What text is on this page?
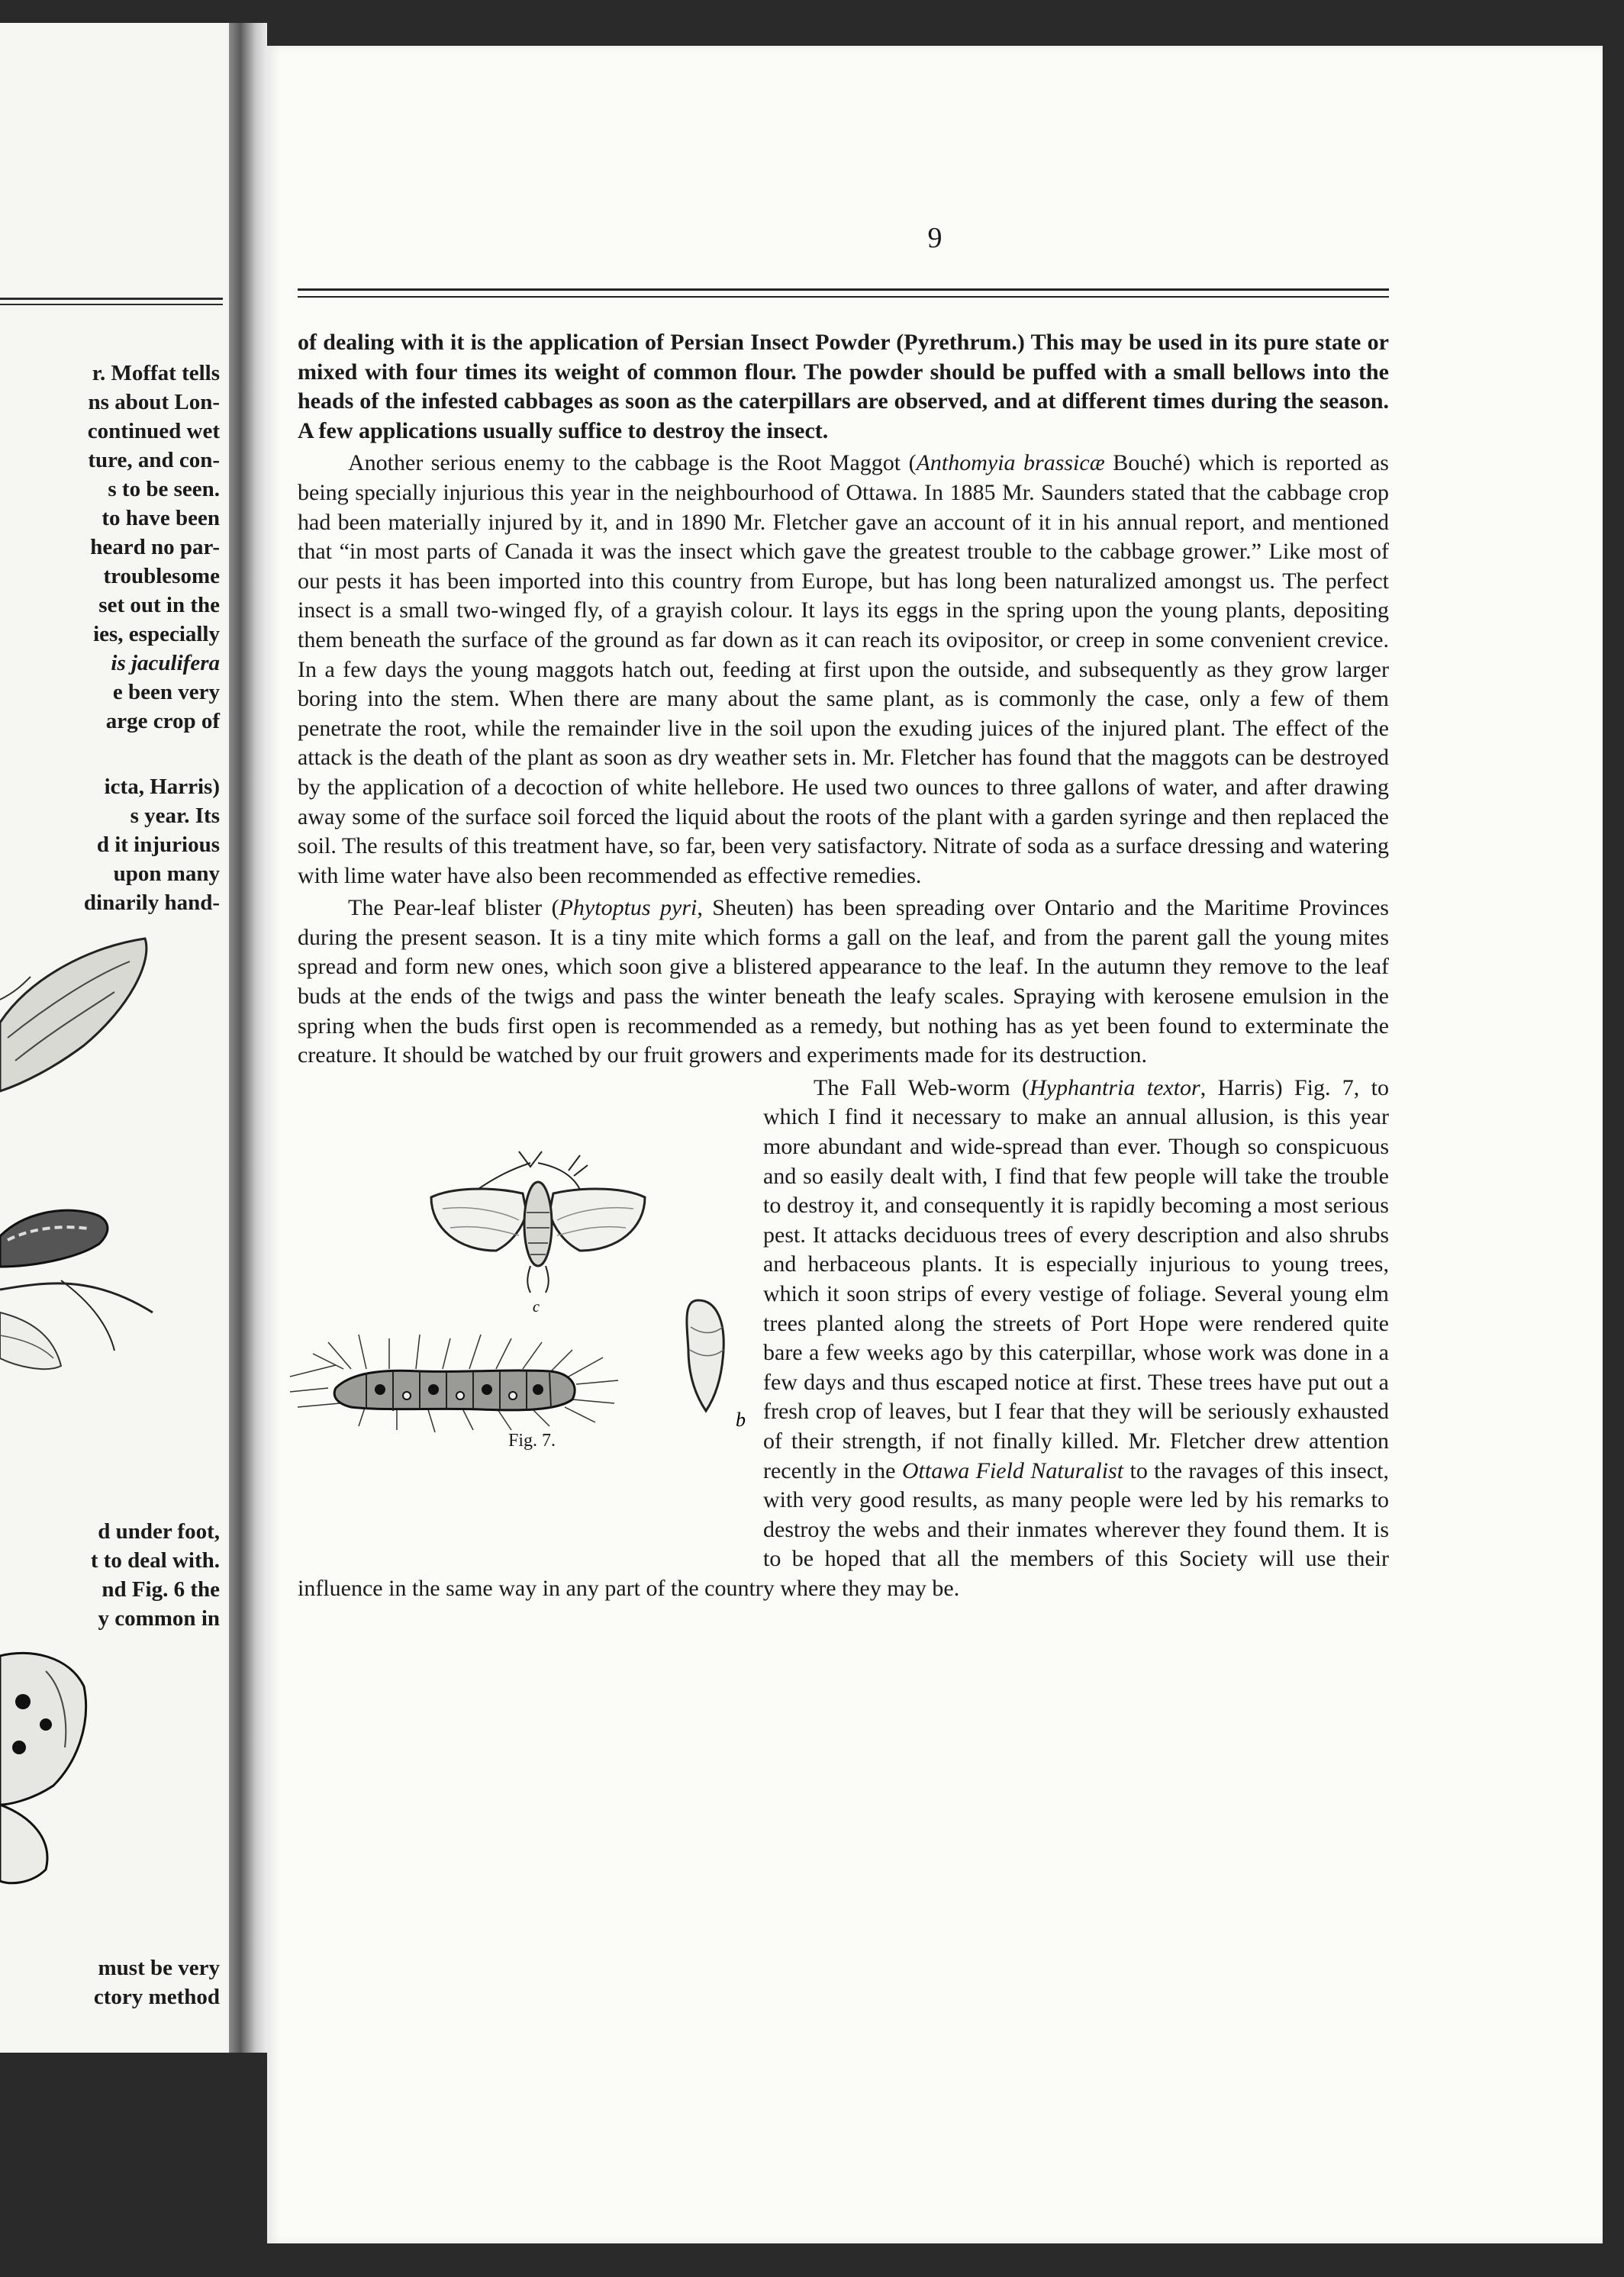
r. Moffat tells
ns about Lon-
continued wet
ture, and con-
s to be seen.
to have been
heard no par-
troublesome
set out in the
ies, especially
is jaculifera
e been very
arge crop of
icta, Harris)
s year. Its
d it injurious
upon many
dinarily hand-
d under foot,
t to deal with.
nd Fig. 6 the
y common in
must be very
ctory method
9

of dealing with it is the application of Persian Insect Powder (Pyrethrum.) This may be used in its pure state or mixed with four times its weight of common flour. The powder should be puffed with a small bellows into the heads of the infested cabbages as soon as the caterpillars are observed, and at different times during the season. A few applications usually suffice to destroy the insect.

Another serious enemy to the cabbage is the Root Maggot (Anthomyia brassicæ Bouché) which is reported as being specially injurious this year in the neighbourhood of Ottawa. In 1885 Mr. Saunders stated that the cabbage crop had been materially injured by it, and in 1890 Mr. Fletcher gave an account of it in his annual report, and mentioned that “in most parts of Canada it was the insect which gave the greatest trouble to the cabbage grower.” Like most of our pests it has been imported into this country from Europe, but has long been naturalized amongst us. The perfect insect is a small two-winged fly, of a grayish colour. It lays its eggs in the spring upon the young plants, depositing them beneath the surface of the ground as far down as it can reach its ovipositor, or creep in some convenient crevice. In a few days the young maggots hatch out, feeding at first upon the outside, and subsequently as they grow larger boring into the stem. When there are many about the same plant, as is commonly the case, only a few of them penetrate the root, while the remainder live in the soil upon the exuding juices of the injured plant. The effect of the attack is the death of the plant as soon as dry weather sets in. Mr. Fletcher has found that the maggots can be destroyed by the application of a decoction of white hellebore. He used two ounces to three gallons of water, and after drawing away some of the surface soil forced the liquid about the roots of the plant with a garden syringe and then replaced the soil. The results of this treatment have, so far, been very satisfactory. Nitrate of soda as a surface dressing and watering with lime water have also been recommended as effective remedies.

The Pear-leaf blister (Phytoptus pyri, Sheuten) has been spreading over Ontario and the Maritime Provinces during the present season. It is a tiny mite which forms a gall on the leaf, and from the parent gall the young mites spread and form new ones, which soon give a blistered appearance to the leaf. In the autumn they remove to the leaf buds at the ends of the twigs and pass the winter beneath the leafy scales. Spraying with kerosene emulsion in the spring when the buds first open is recommended as a remedy, but nothing has as yet been found to exterminate the creature. It should be watched by our fruit growers and experiments made for its destruction.

c
b
Fig. 7.
The Fall Web-worm (Hyphantria textor, Harris) Fig. 7, to which I find it necessary to make an annual allusion, is this year more abundant and wide-spread than ever. Though so conspicuous and so easily dealt with, I find that few people will take the trouble to destroy it, and consequently it is rapidly becoming a most serious pest. It attacks deciduous trees of every description and also shrubs and herbaceous plants. It is especially injurious to young trees, which it soon strips of every vestige of foliage. Several young elm trees planted along the streets of Port Hope were rendered quite bare a few weeks ago by this caterpillar, whose work was done in a few days and thus escaped notice at first. These trees have put out a fresh crop of leaves, but I fear that they will be seriously exhausted of their strength, if not finally killed. Mr. Fletcher drew attention recently in the Ottawa Field Naturalist to the ravages of this insect, with very good results, as many people were led by his remarks to destroy the webs and their inmates wherever they found them. It is to be hoped that all the members of this Society will use their influence in the same way in any part of the country where they may be.
